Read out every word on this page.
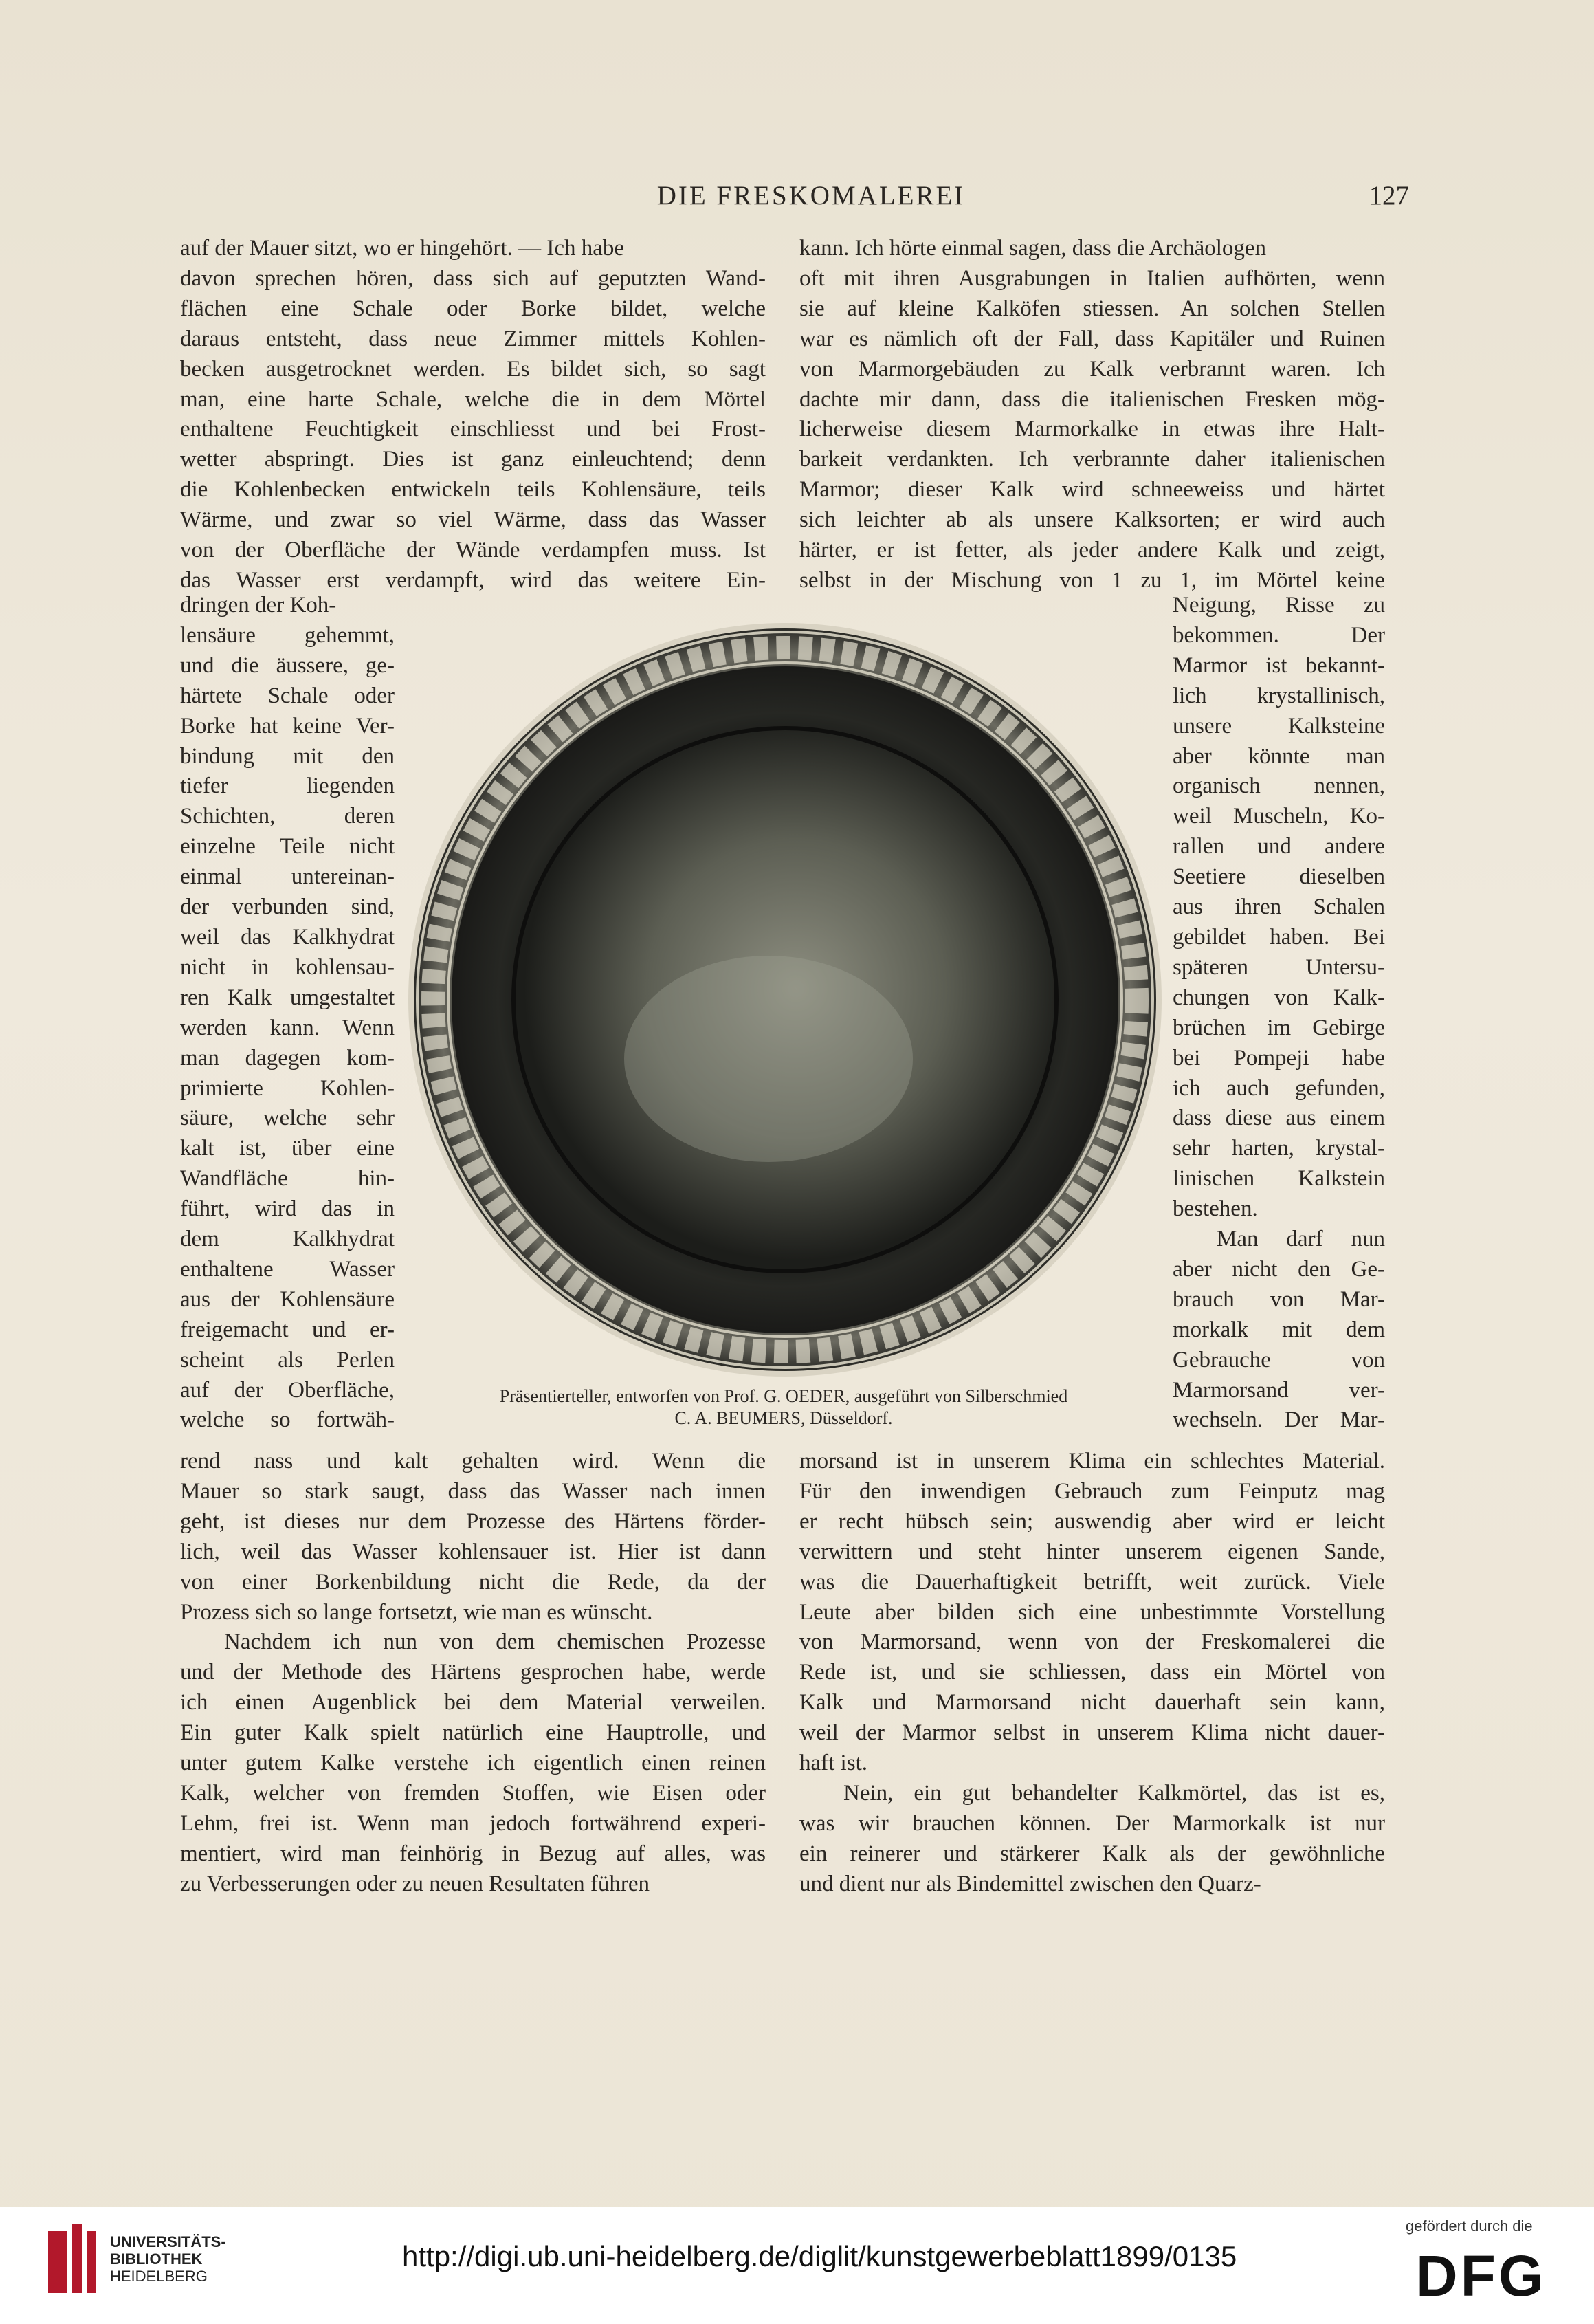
DIE FRESKOMALEREI	127

auf der Mauer sitzt, wo er hingehört. — Ich habe

davon sprechen hören, dass sich auf geputzten Wand-

flächen eine Schale oder Borke bildet, welche

daraus entsteht, dass neue Zimmer mittels Kohlen-

becken ausgetrocknet werden. Es bildet sich, so sagt

man, eine harte Schale, welche die in dem Mörtel

enthaltene Feuchtigkeit einschliesst und bei Frost-

wetter abspringt. Dies ist ganz einleuchtend; denn

die Kohlenbecken entwickeln teils Kohlensäure, teils

Wärme, und zwar so viel Wärme, dass das Wasser

von der Oberfläche der Wände verdampfen muss. Ist

das Wasser erst verdampft, wird das weitere Ein-

kann. Ich hörte einmal sagen, dass die Archäologen

oft mit ihren Ausgrabungen in Italien aufhörten, wenn

sie auf kleine Kalköfen stiessen. An solchen Stellen

war es nämlich oft der Fall, dass Kapitäler und Ruinen

von Marmorgebäuden zu Kalk verbrannt waren. Ich

dachte mir dann, dass die italienischen Fresken mög-

licherweise diesem Marmorkalke in etwas ihre Halt-

barkeit verdankten. Ich verbrannte daher italienischen

Marmor; dieser Kalk wird schneeweiss und härtet

sich leichter ab als unsere Kalksorten; er wird auch

härter, er ist fetter, als jeder andere Kalk und zeigt,

selbst in der Mischung von 1 zu 1, im Mörtel keine

dringen der Koh-

lensäure gehemmt,

und die äussere, ge-

härtete Schale oder

Borke hat keine Ver-

bindung mit den

tiefer liegenden

Schichten, deren

einzelne Teile nicht

einmal untereinan-

der verbunden sind,

weil das Kalkhydrat

nicht in kohlensau-

ren Kalk umgestaltet

werden kann. Wenn

man dagegen kom-

primierte Kohlen-

säure, welche sehr

kalt ist, über eine

Wandfläche hin-

führt, wird das in

dem Kalkhydrat

enthaltene Wasser

aus der Kohlensäure

freigemacht und er-

scheint als Perlen

auf der Oberfläche,

welche so fortwäh-

Neigung, Risse zu

bekommen. Der

Marmor ist bekannt-

lich krystallinisch,

unsere Kalksteine

aber könnte man

organisch nennen,

weil Muscheln, Ko-

rallen und andere

Seetiere dieselben

aus ihren Schalen

gebildet haben. Bei

späteren Untersu-

chungen von Kalk-

brüchen im Gebirge

bei Pompeji habe

ich auch gefunden,

dass diese aus einem

sehr harten, krystal-

linischen Kalkstein

bestehen.

Man darf nun

aber nicht den Ge-

brauch von Mar-

morkalk mit dem

Gebrauche von

Marmorsand ver-

wechseln. Der Mar-

rend nass und kalt gehalten wird. Wenn die

Mauer so stark saugt, dass das Wasser nach innen

geht, ist dieses nur dem Prozesse des Härtens förder-

lich, weil das Wasser kohlensauer ist. Hier ist dann

von einer Borkenbildung nicht die Rede, da der

Prozess sich so lange fortsetzt, wie man es wünscht.

Nachdem ich nun von dem chemischen Prozesse

und der Methode des Härtens gesprochen habe, werde

ich einen Augenblick bei dem Material verweilen.

Ein guter Kalk spielt natürlich eine Hauptrolle, und

unter gutem Kalke verstehe ich eigentlich einen reinen

Kalk, welcher von fremden Stoffen, wie Eisen oder

Lehm, frei ist. Wenn man jedoch fortwährend experi-

mentiert, wird man feinhörig in Bezug auf alles, was

zu Verbesserungen oder zu neuen Resultaten führen

morsand ist in unserem Klima ein schlechtes Material.

Für den inwendigen Gebrauch zum Feinputz mag

er recht hübsch sein; auswendig aber wird er leicht

verwittern und steht hinter unserem eigenen Sande,

was die Dauerhaftigkeit betrifft, weit zurück. Viele

Leute aber bilden sich eine unbestimmte Vorstellung

von Marmorsand, wenn von der Freskomalerei die

Rede ist, und sie schliessen, dass ein Mörtel von

Kalk und Marmorsand nicht dauerhaft sein kann,

weil der Marmor selbst in unserem Klima nicht dauer-

haft ist.

Nein, ein gut behandelter Kalkmörtel, das ist es,

was wir brauchen können. Der Marmorkalk ist nur

ein reinerer und stärkerer Kalk als der gewöhnliche

und dient nur als Bindemittel zwischen den Quarz-

Präsentierteller, entworfen von Prof. G. OEDER, ausgeführt von Silberschmied
C. A. BEUMERS, Düsseldorf.
UNIVERSITÄTS-
BIBLIOTHEK
HEIDELBERG
http://digi.ub.uni-heidelberg.de/diglit/kunstgewerbeblatt1899/0135
gefördert durch die
DFG
